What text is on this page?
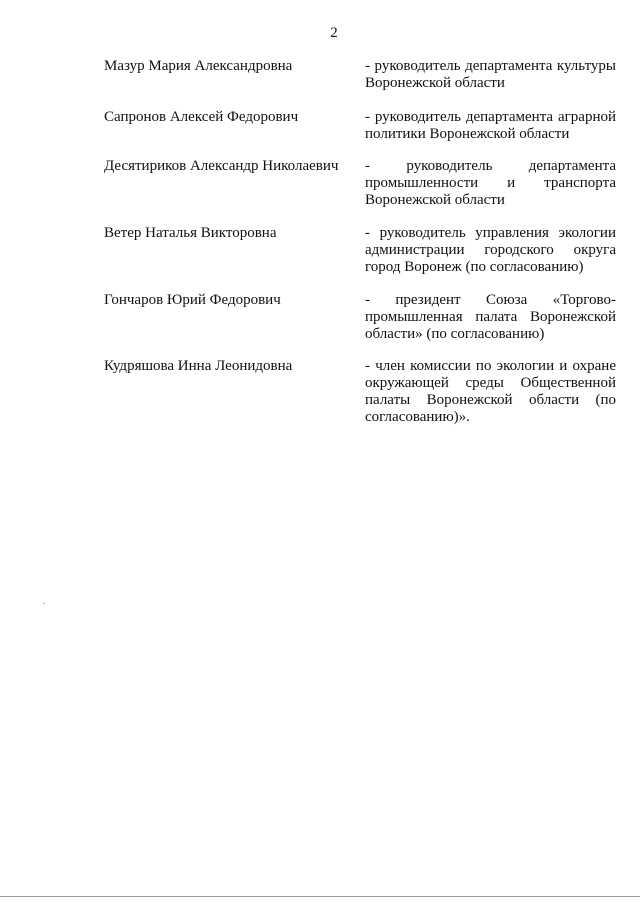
2
Мазур Мария Александровна	- руководитель департамента культуры Воронежской области
Сапронов Алексей Федорович	- руководитель департамента аграрной политики Воронежской области
Десятириков Александр Николаевич - руководитель департамента промышленности и транспорта Воронежской области
Ветер Наталья Викторовна	- руководитель управления экологии администрации городского округа город Воронеж (по согласованию)
Гончаров Юрий Федорович	- президент Союза «Торгово-промышленная палата Воронежской области» (по согласованию)
Кудряшова Инна Леонидовна	- член комиссии по экологии и охране окружающей среды Общественной палаты Воронежской области (по согласованию)».
